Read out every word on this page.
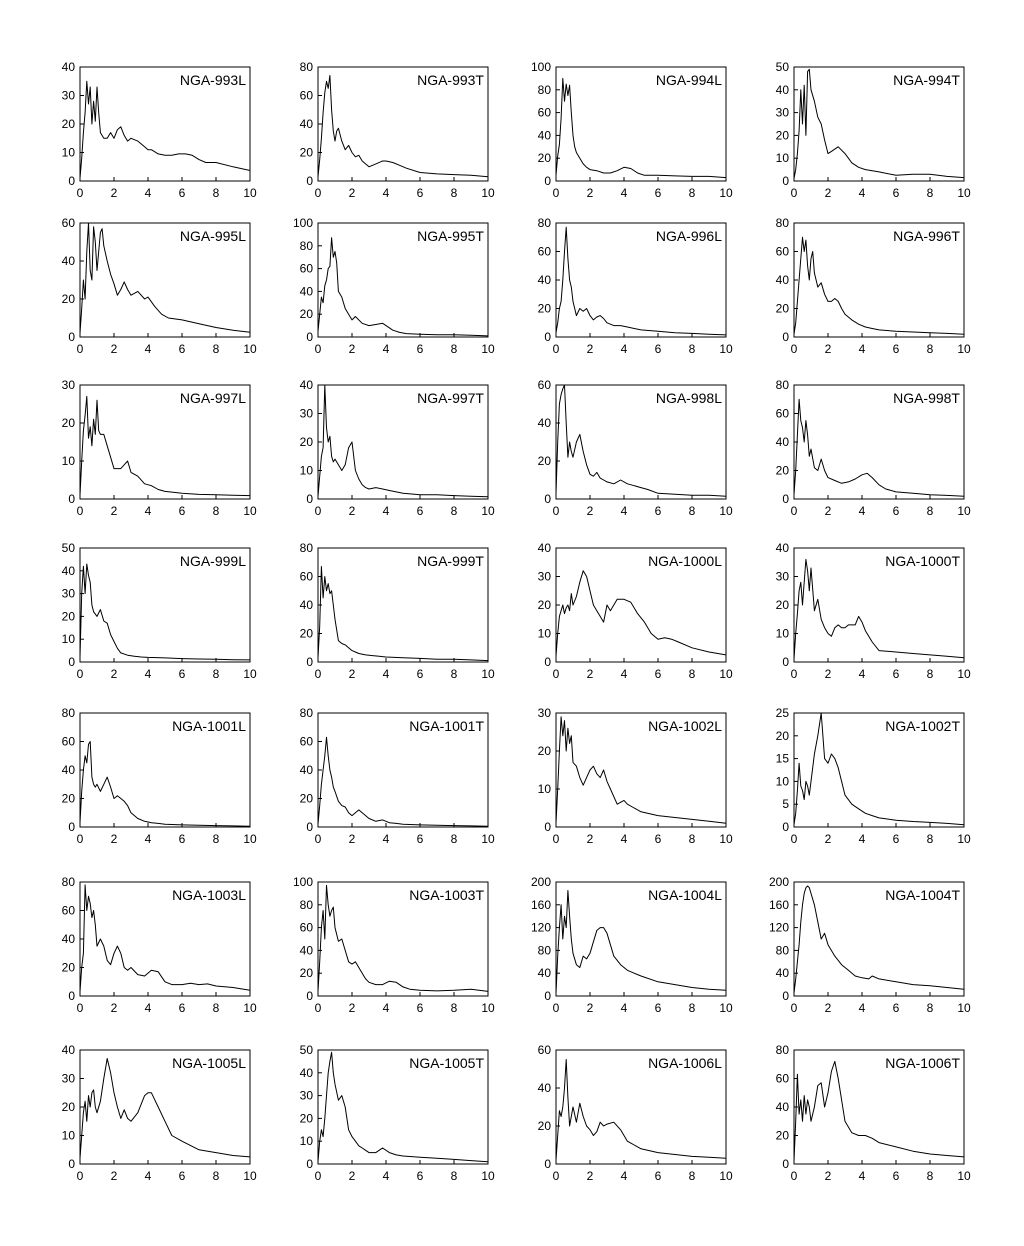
0 2 4 6 8 10
0
10
20
30
40
NGA-993L
0 2 4 6 8 10
0
20
40
60
80
NGA-993T
0 2 4 6 8 10
0
20
40
60
80
100
NGA-994L
0 2 4 6 8 10
0
10
20
30
40
50
NGA-994T
0 2 4 6 8 10
0
20
40
60
NGA-995L
0 2 4 6 8 10
0
20
40
60
80
100
NGA-995T
0 2 4 6 8 10
0
20
40
60
80
NGA-996L
0 2 4 6 8 10
0
20
40
60
80
NGA-996T
0 2 4 6 8 10
0
10
20
30
NGA-997L
0 2 4 6 8 10
0
10
20
30
40
NGA-997T
0 2 4 6 8 10
0
20
40
60
NGA-998L
0 2 4 6 8 10
0
20
40
60
80
NGA-998T
0 2 4 6 8 10
0
10
20
30
40
50
NGA-999L
0 2 4 6 8 10
0
20
40
60
80
NGA-999T
0 2 4 6 8 10
0
10
20
30
40
NGA-1000L
0 2 4 6 8 10
0
10
20
30
40
NGA-1000T
0 2 4 6 8 10
0
20
40
60
80
NGA-1001L
0 2 4 6 8 10
0
20
40
60
80
NGA-1001T
0 2 4 6 8 10
0
10
20
30
NGA-1002L
0 2 4 6 8 10
0
5
10
15
20
25
NGA-1002T
0 2 4 6 8 10
0
20
40
60
80
NGA-1003L
0 2 4 6 8 10
0
20
40
60
80
100
NGA-1003T
0 2 4 6 8 10
0
40
80
120
160
200
NGA-1004L
0 2 4 6 8 10
0
40
80
120
160
200
NGA-1004T
0 2 4 6 8 10
0
10
20
30
40
NGA-1005L
0 2 4 6 8 10
0
10
20
30
40
50
NGA-1005T
0 2 4 6 8 10
0
20
40
60
NGA-1006L
0 2 4 6 8 10
0
20
40
60
80
NGA-1006T
